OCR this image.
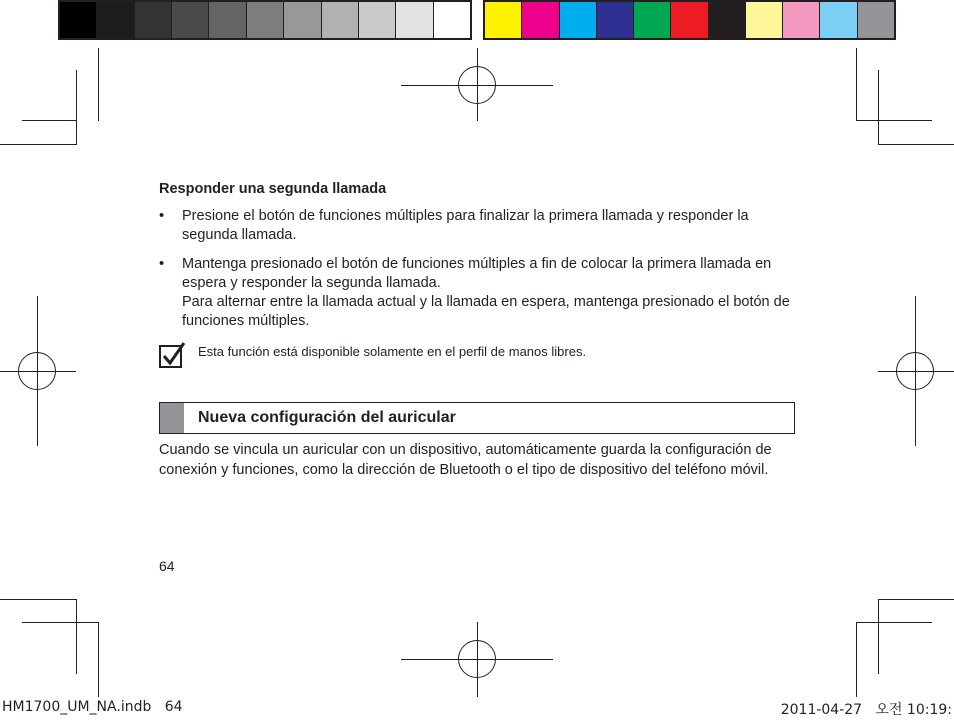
Responder una segunda llamada
• Presione el botón de funciones múltiples para finalizar la primera llamada y responder la segunda llamada.

• Mantenga presionado el botón de funciones múltiples a fin de colocar la primera llamada en espera y responder la segunda llamada.

Para alternar entre la llamada actual y la llamada en espera, mantenga presionado el botón de funciones múltiples.

Esta función está disponible solamente en el perfil de manos libres.
Nueva configuración del auricular

Cuando se vincula un auricular con un dispositivo, automáticamente guarda la configuración de conexión y funciones, como la dirección de Bluetooth o el tipo de dispositivo del teléfono móvil.

64
HM1700_UM_NA.indb   64	2011-04-27   오전 10:19:
